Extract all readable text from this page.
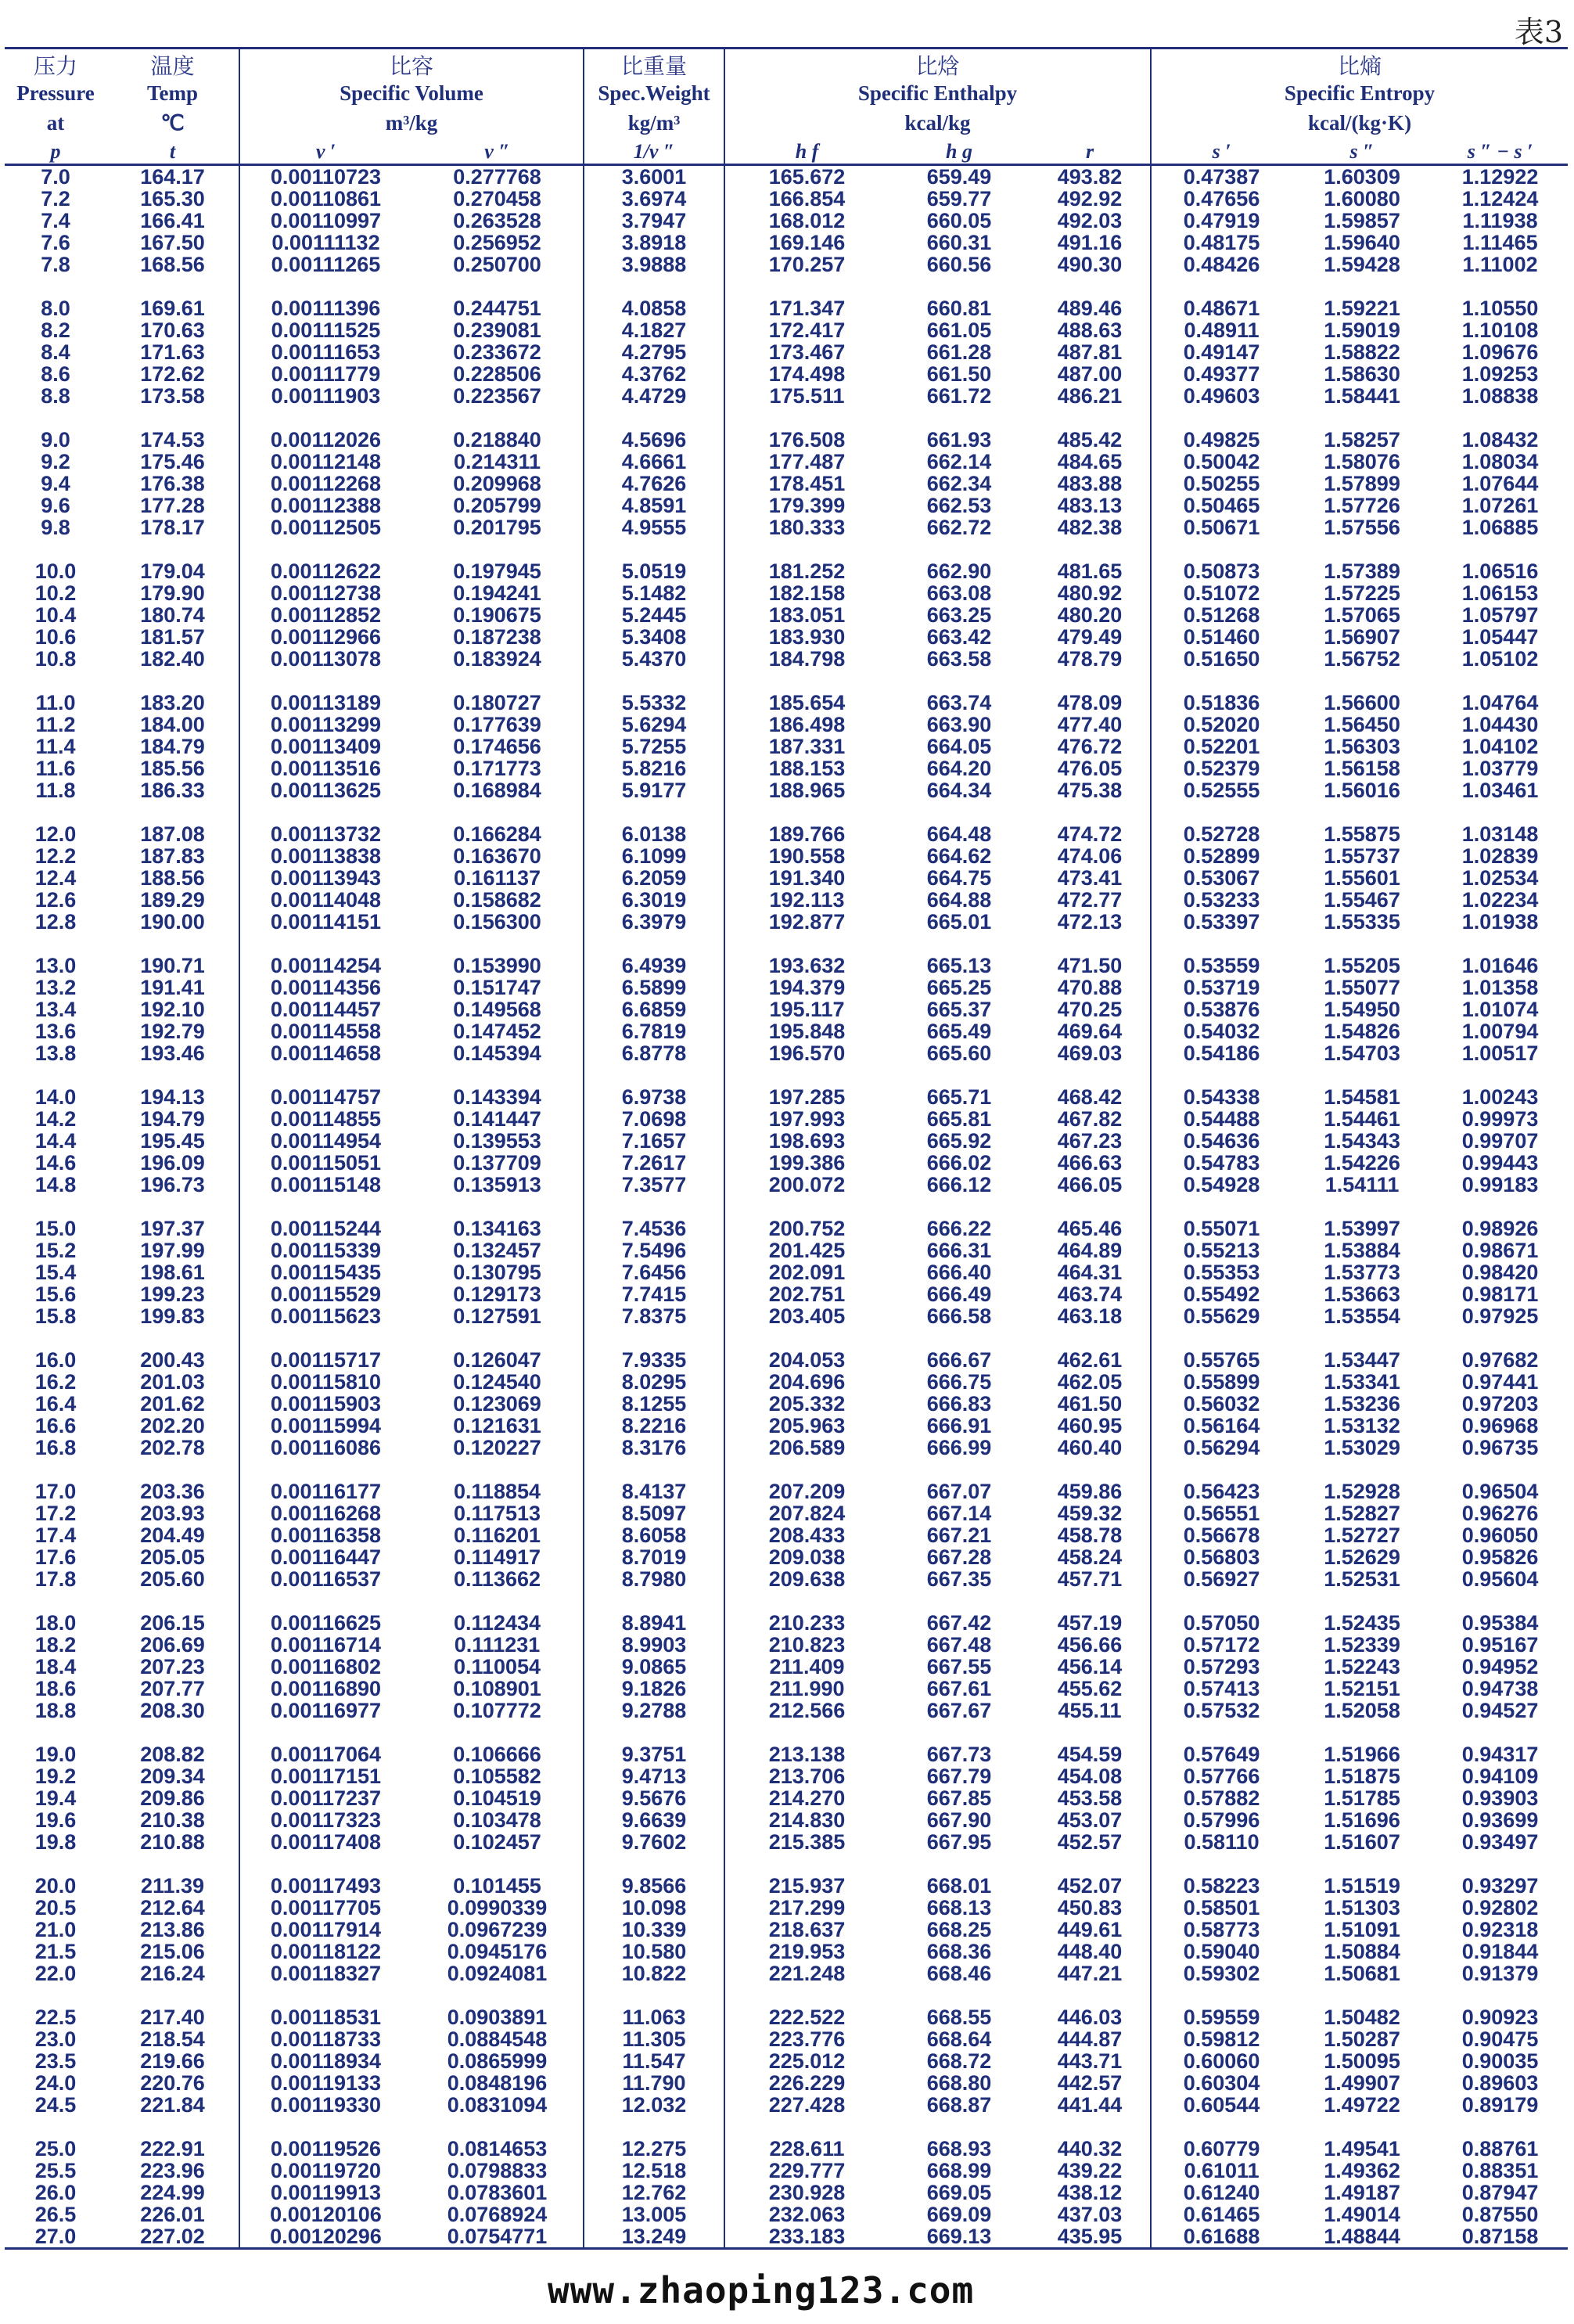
表3
压力	温度	比容		比重量	比焓			比熵		
Pressure	Temp	Specific Volume		Spec.Weight	Specific Enthalpy			Specific Entropy		
at	℃	m³/kg		kg/m³	kcal/kg			kcal/(kg·K)		
p	t	v ′	v ″	1/v ″	h f	h g	r	s ′	s ″	s ″ − s ′
7.0	164.17	0.00110723	0.277768	3.6001	165.672	659.49	493.82	0.47387	1.60309	1.12922
7.2	165.30	0.00110861	0.270458	3.6974	166.854	659.77	492.92	0.47656	1.60080	1.12424
7.4	166.41	0.00110997	0.263528	3.7947	168.012	660.05	492.03	0.47919	1.59857	1.11938
7.6	167.50	0.00111132	0.256952	3.8918	169.146	660.31	491.16	0.48175	1.59640	1.11465
7.8	168.56	0.00111265	0.250700	3.9888	170.257	660.56	490.30	0.48426	1.59428	1.11002

8.0	169.61	0.00111396	0.244751	4.0858	171.347	660.81	489.46	0.48671	1.59221	1.10550
8.2	170.63	0.00111525	0.239081	4.1827	172.417	661.05	488.63	0.48911	1.59019	1.10108
8.4	171.63	0.00111653	0.233672	4.2795	173.467	661.28	487.81	0.49147	1.58822	1.09676
8.6	172.62	0.00111779	0.228506	4.3762	174.498	661.50	487.00	0.49377	1.58630	1.09253
8.8	173.58	0.00111903	0.223567	4.4729	175.511	661.72	486.21	0.49603	1.58441	1.08838

9.0	174.53	0.00112026	0.218840	4.5696	176.508	661.93	485.42	0.49825	1.58257	1.08432
9.2	175.46	0.00112148	0.214311	4.6661	177.487	662.14	484.65	0.50042	1.58076	1.08034
9.4	176.38	0.00112268	0.209968	4.7626	178.451	662.34	483.88	0.50255	1.57899	1.07644
9.6	177.28	0.00112388	0.205799	4.8591	179.399	662.53	483.13	0.50465	1.57726	1.07261
9.8	178.17	0.00112505	0.201795	4.9555	180.333	662.72	482.38	0.50671	1.57556	1.06885

10.0	179.04	0.00112622	0.197945	5.0519	181.252	662.90	481.65	0.50873	1.57389	1.06516
10.2	179.90	0.00112738	0.194241	5.1482	182.158	663.08	480.92	0.51072	1.57225	1.06153
10.4	180.74	0.00112852	0.190675	5.2445	183.051	663.25	480.20	0.51268	1.57065	1.05797
10.6	181.57	0.00112966	0.187238	5.3408	183.930	663.42	479.49	0.51460	1.56907	1.05447
10.8	182.40	0.00113078	0.183924	5.4370	184.798	663.58	478.79	0.51650	1.56752	1.05102

11.0	183.20	0.00113189	0.180727	5.5332	185.654	663.74	478.09	0.51836	1.56600	1.04764
11.2	184.00	0.00113299	0.177639	5.6294	186.498	663.90	477.40	0.52020	1.56450	1.04430
11.4	184.79	0.00113409	0.174656	5.7255	187.331	664.05	476.72	0.52201	1.56303	1.04102
11.6	185.56	0.00113516	0.171773	5.8216	188.153	664.20	476.05	0.52379	1.56158	1.03779
11.8	186.33	0.00113625	0.168984	5.9177	188.965	664.34	475.38	0.52555	1.56016	1.03461

12.0	187.08	0.00113732	0.166284	6.0138	189.766	664.48	474.72	0.52728	1.55875	1.03148
12.2	187.83	0.00113838	0.163670	6.1099	190.558	664.62	474.06	0.52899	1.55737	1.02839
12.4	188.56	0.00113943	0.161137	6.2059	191.340	664.75	473.41	0.53067	1.55601	1.02534
12.6	189.29	0.00114048	0.158682	6.3019	192.113	664.88	472.77	0.53233	1.55467	1.02234
12.8	190.00	0.00114151	0.156300	6.3979	192.877	665.01	472.13	0.53397	1.55335	1.01938

13.0	190.71	0.00114254	0.153990	6.4939	193.632	665.13	471.50	0.53559	1.55205	1.01646
13.2	191.41	0.00114356	0.151747	6.5899	194.379	665.25	470.88	0.53719	1.55077	1.01358
13.4	192.10	0.00114457	0.149568	6.6859	195.117	665.37	470.25	0.53876	1.54950	1.01074
13.6	192.79	0.00114558	0.147452	6.7819	195.848	665.49	469.64	0.54032	1.54826	1.00794
13.8	193.46	0.00114658	0.145394	6.8778	196.570	665.60	469.03	0.54186	1.54703	1.00517

14.0	194.13	0.00114757	0.143394	6.9738	197.285	665.71	468.42	0.54338	1.54581	1.00243
14.2	194.79	0.00114855	0.141447	7.0698	197.993	665.81	467.82	0.54488	1.54461	0.99973
14.4	195.45	0.00114954	0.139553	7.1657	198.693	665.92	467.23	0.54636	1.54343	0.99707
14.6	196.09	0.00115051	0.137709	7.2617	199.386	666.02	466.63	0.54783	1.54226	0.99443
14.8	196.73	0.00115148	0.135913	7.3577	200.072	666.12	466.05	0.54928	1.54111	0.99183

15.0	197.37	0.00115244	0.134163	7.4536	200.752	666.22	465.46	0.55071	1.53997	0.98926
15.2	197.99	0.00115339	0.132457	7.5496	201.425	666.31	464.89	0.55213	1.53884	0.98671
15.4	198.61	0.00115435	0.130795	7.6456	202.091	666.40	464.31	0.55353	1.53773	0.98420
15.6	199.23	0.00115529	0.129173	7.7415	202.751	666.49	463.74	0.55492	1.53663	0.98171
15.8	199.83	0.00115623	0.127591	7.8375	203.405	666.58	463.18	0.55629	1.53554	0.97925

16.0	200.43	0.00115717	0.126047	7.9335	204.053	666.67	462.61	0.55765	1.53447	0.97682
16.2	201.03	0.00115810	0.124540	8.0295	204.696	666.75	462.05	0.55899	1.53341	0.97441
16.4	201.62	0.00115903	0.123069	8.1255	205.332	666.83	461.50	0.56032	1.53236	0.97203
16.6	202.20	0.00115994	0.121631	8.2216	205.963	666.91	460.95	0.56164	1.53132	0.96968
16.8	202.78	0.00116086	0.120227	8.3176	206.589	666.99	460.40	0.56294	1.53029	0.96735

17.0	203.36	0.00116177	0.118854	8.4137	207.209	667.07	459.86	0.56423	1.52928	0.96504
17.2	203.93	0.00116268	0.117513	8.5097	207.824	667.14	459.32	0.56551	1.52827	0.96276
17.4	204.49	0.00116358	0.116201	8.6058	208.433	667.21	458.78	0.56678	1.52727	0.96050
17.6	205.05	0.00116447	0.114917	8.7019	209.038	667.28	458.24	0.56803	1.52629	0.95826
17.8	205.60	0.00116537	0.113662	8.7980	209.638	667.35	457.71	0.56927	1.52531	0.95604

18.0	206.15	0.00116625	0.112434	8.8941	210.233	667.42	457.19	0.57050	1.52435	0.95384
18.2	206.69	0.00116714	0.111231	8.9903	210.823	667.48	456.66	0.57172	1.52339	0.95167
18.4	207.23	0.00116802	0.110054	9.0865	211.409	667.55	456.14	0.57293	1.52243	0.94952
18.6	207.77	0.00116890	0.108901	9.1826	211.990	667.61	455.62	0.57413	1.52151	0.94738
18.8	208.30	0.00116977	0.107772	9.2788	212.566	667.67	455.11	0.57532	1.52058	0.94527

19.0	208.82	0.00117064	0.106666	9.3751	213.138	667.73	454.59	0.57649	1.51966	0.94317
19.2	209.34	0.00117151	0.105582	9.4713	213.706	667.79	454.08	0.57766	1.51875	0.94109
19.4	209.86	0.00117237	0.104519	9.5676	214.270	667.85	453.58	0.57882	1.51785	0.93903
19.6	210.38	0.00117323	0.103478	9.6639	214.830	667.90	453.07	0.57996	1.51696	0.93699
19.8	210.88	0.00117408	0.102457	9.7602	215.385	667.95	452.57	0.58110	1.51607	0.93497

20.0	211.39	0.00117493	0.101455	9.8566	215.937	668.01	452.07	0.58223	1.51519	0.93297
20.5	212.64	0.00117705	0.0990339	10.098	217.299	668.13	450.83	0.58501	1.51303	0.92802
21.0	213.86	0.00117914	0.0967239	10.339	218.637	668.25	449.61	0.58773	1.51091	0.92318
21.5	215.06	0.00118122	0.0945176	10.580	219.953	668.36	448.40	0.59040	1.50884	0.91844
22.0	216.24	0.00118327	0.0924081	10.822	221.248	668.46	447.21	0.59302	1.50681	0.91379

22.5	217.40	0.00118531	0.0903891	11.063	222.522	668.55	446.03	0.59559	1.50482	0.90923
23.0	218.54	0.00118733	0.0884548	11.305	223.776	668.64	444.87	0.59812	1.50287	0.90475
23.5	219.66	0.00118934	0.0865999	11.547	225.012	668.72	443.71	0.60060	1.50095	0.90035
24.0	220.76	0.00119133	0.0848196	11.790	226.229	668.80	442.57	0.60304	1.49907	0.89603
24.5	221.84	0.00119330	0.0831094	12.032	227.428	668.87	441.44	0.60544	1.49722	0.89179

25.0	222.91	0.00119526	0.0814653	12.275	228.611	668.93	440.32	0.60779	1.49541	0.88761
25.5	223.96	0.00119720	0.0798833	12.518	229.777	668.99	439.22	0.61011	1.49362	0.88351
26.0	224.99	0.00119913	0.0783601	12.762	230.928	669.05	438.12	0.61240	1.49187	0.87947
26.5	226.01	0.00120106	0.0768924	13.005	232.063	669.09	437.03	0.61465	1.49014	0.87550
27.0	227.02	0.00120296	0.0754771	13.249	233.183	669.13	435.95	0.61688	1.48844	0.87158
www.zhaoping123.com
